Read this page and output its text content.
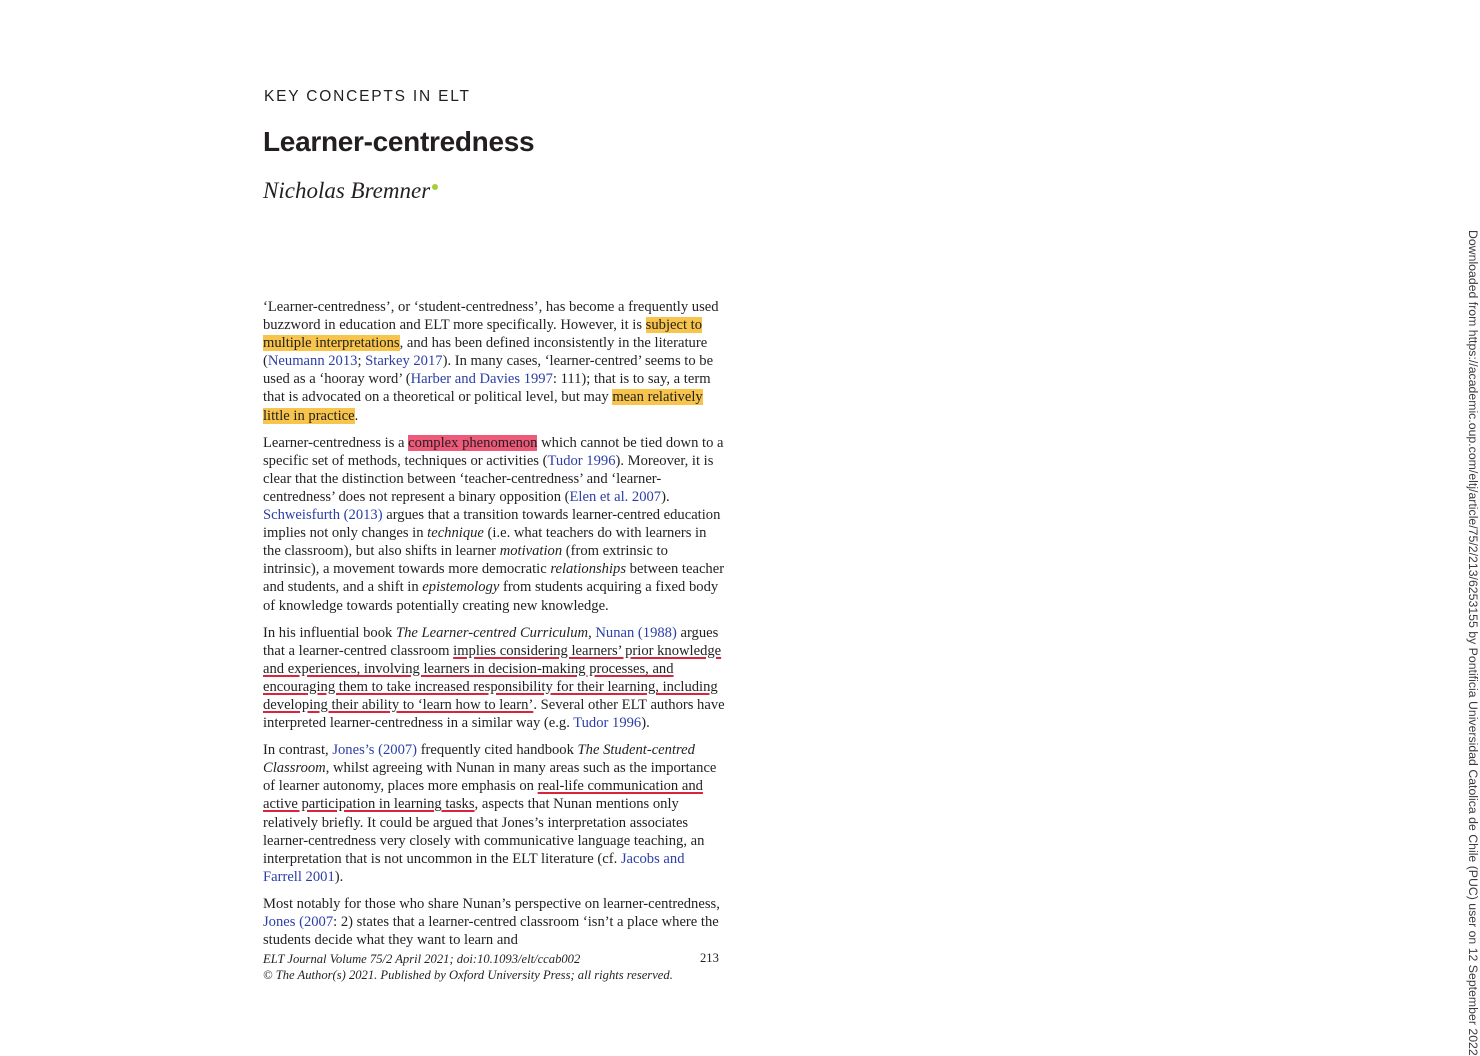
KEY CONCEPTS IN ELT
Learner-centredness
Nicholas Bremner

‘Learner-centredness’, or ‘student-centredness’, has become a frequently used buzzword in education and ELT more specifically. However, it is subject to multiple interpretations, and has been defined inconsistently in the literature (Neumann 2013; Starkey 2017). In many cases, ‘learner-centred’ seems to be used as a ‘hooray word’ (Harber and Davies 1997: 111); that is to say, a term that is advocated on a theoretical or political level, but may mean relatively little in practice.

Learner-centredness is a complex phenomenon which cannot be tied down to a specific set of methods, techniques or activities (Tudor 1996). Moreover, it is clear that the distinction between ‘teacher-centredness’ and ‘learner-centredness’ does not represent a binary opposition (Elen et al. 2007). Schweisfurth (2013) argues that a transition towards learner-centred education implies not only changes in technique (i.e. what teachers do with learners in the classroom), but also shifts in learner motivation (from extrinsic to intrinsic), a movement towards more democratic relationships between teacher and students, and a shift in epistemology from students acquiring a fixed body of knowledge towards potentially creating new knowledge.

In his influential book The Learner-centred Curriculum, Nunan (1988) argues that a learner-centred classroom implies considering learners’ prior knowledge and experiences, involving learners in decision-making processes, and encouraging them to take increased responsibility for their learning, including developing their ability to ‘learn how to learn’. Several other ELT authors have interpreted learner-centredness in a similar way (e.g. Tudor 1996).

In contrast, Jones’s (2007) frequently cited handbook The Student-centred Classroom, whilst agreeing with Nunan in many areas such as the importance of learner autonomy, places more emphasis on real-life communication and active participation in learning tasks, aspects that Nunan mentions only relatively briefly. It could be argued that Jones’s interpretation associates learner-centredness very closely with communicative language teaching, an interpretation that is not uncommon in the ELT literature (cf. Jacobs and Farrell 2001).

Most notably for those who share Nunan’s perspective on learner-centredness, Jones (2007: 2) states that a learner-centred classroom ‘isn’t a place where the students decide what they want to learn and

ELT Journal Volume 75/2 April 2021; doi:10.1093/elt/ccab002
© The Author(s) 2021. Published by Oxford University Press; all rights reserved.
213	Downloaded from https://academic.oup.com/eltj/article/75/2/213/6253155 by Pontificia Universidad Catolica de Chile (PUC) user on 12 September 2022
